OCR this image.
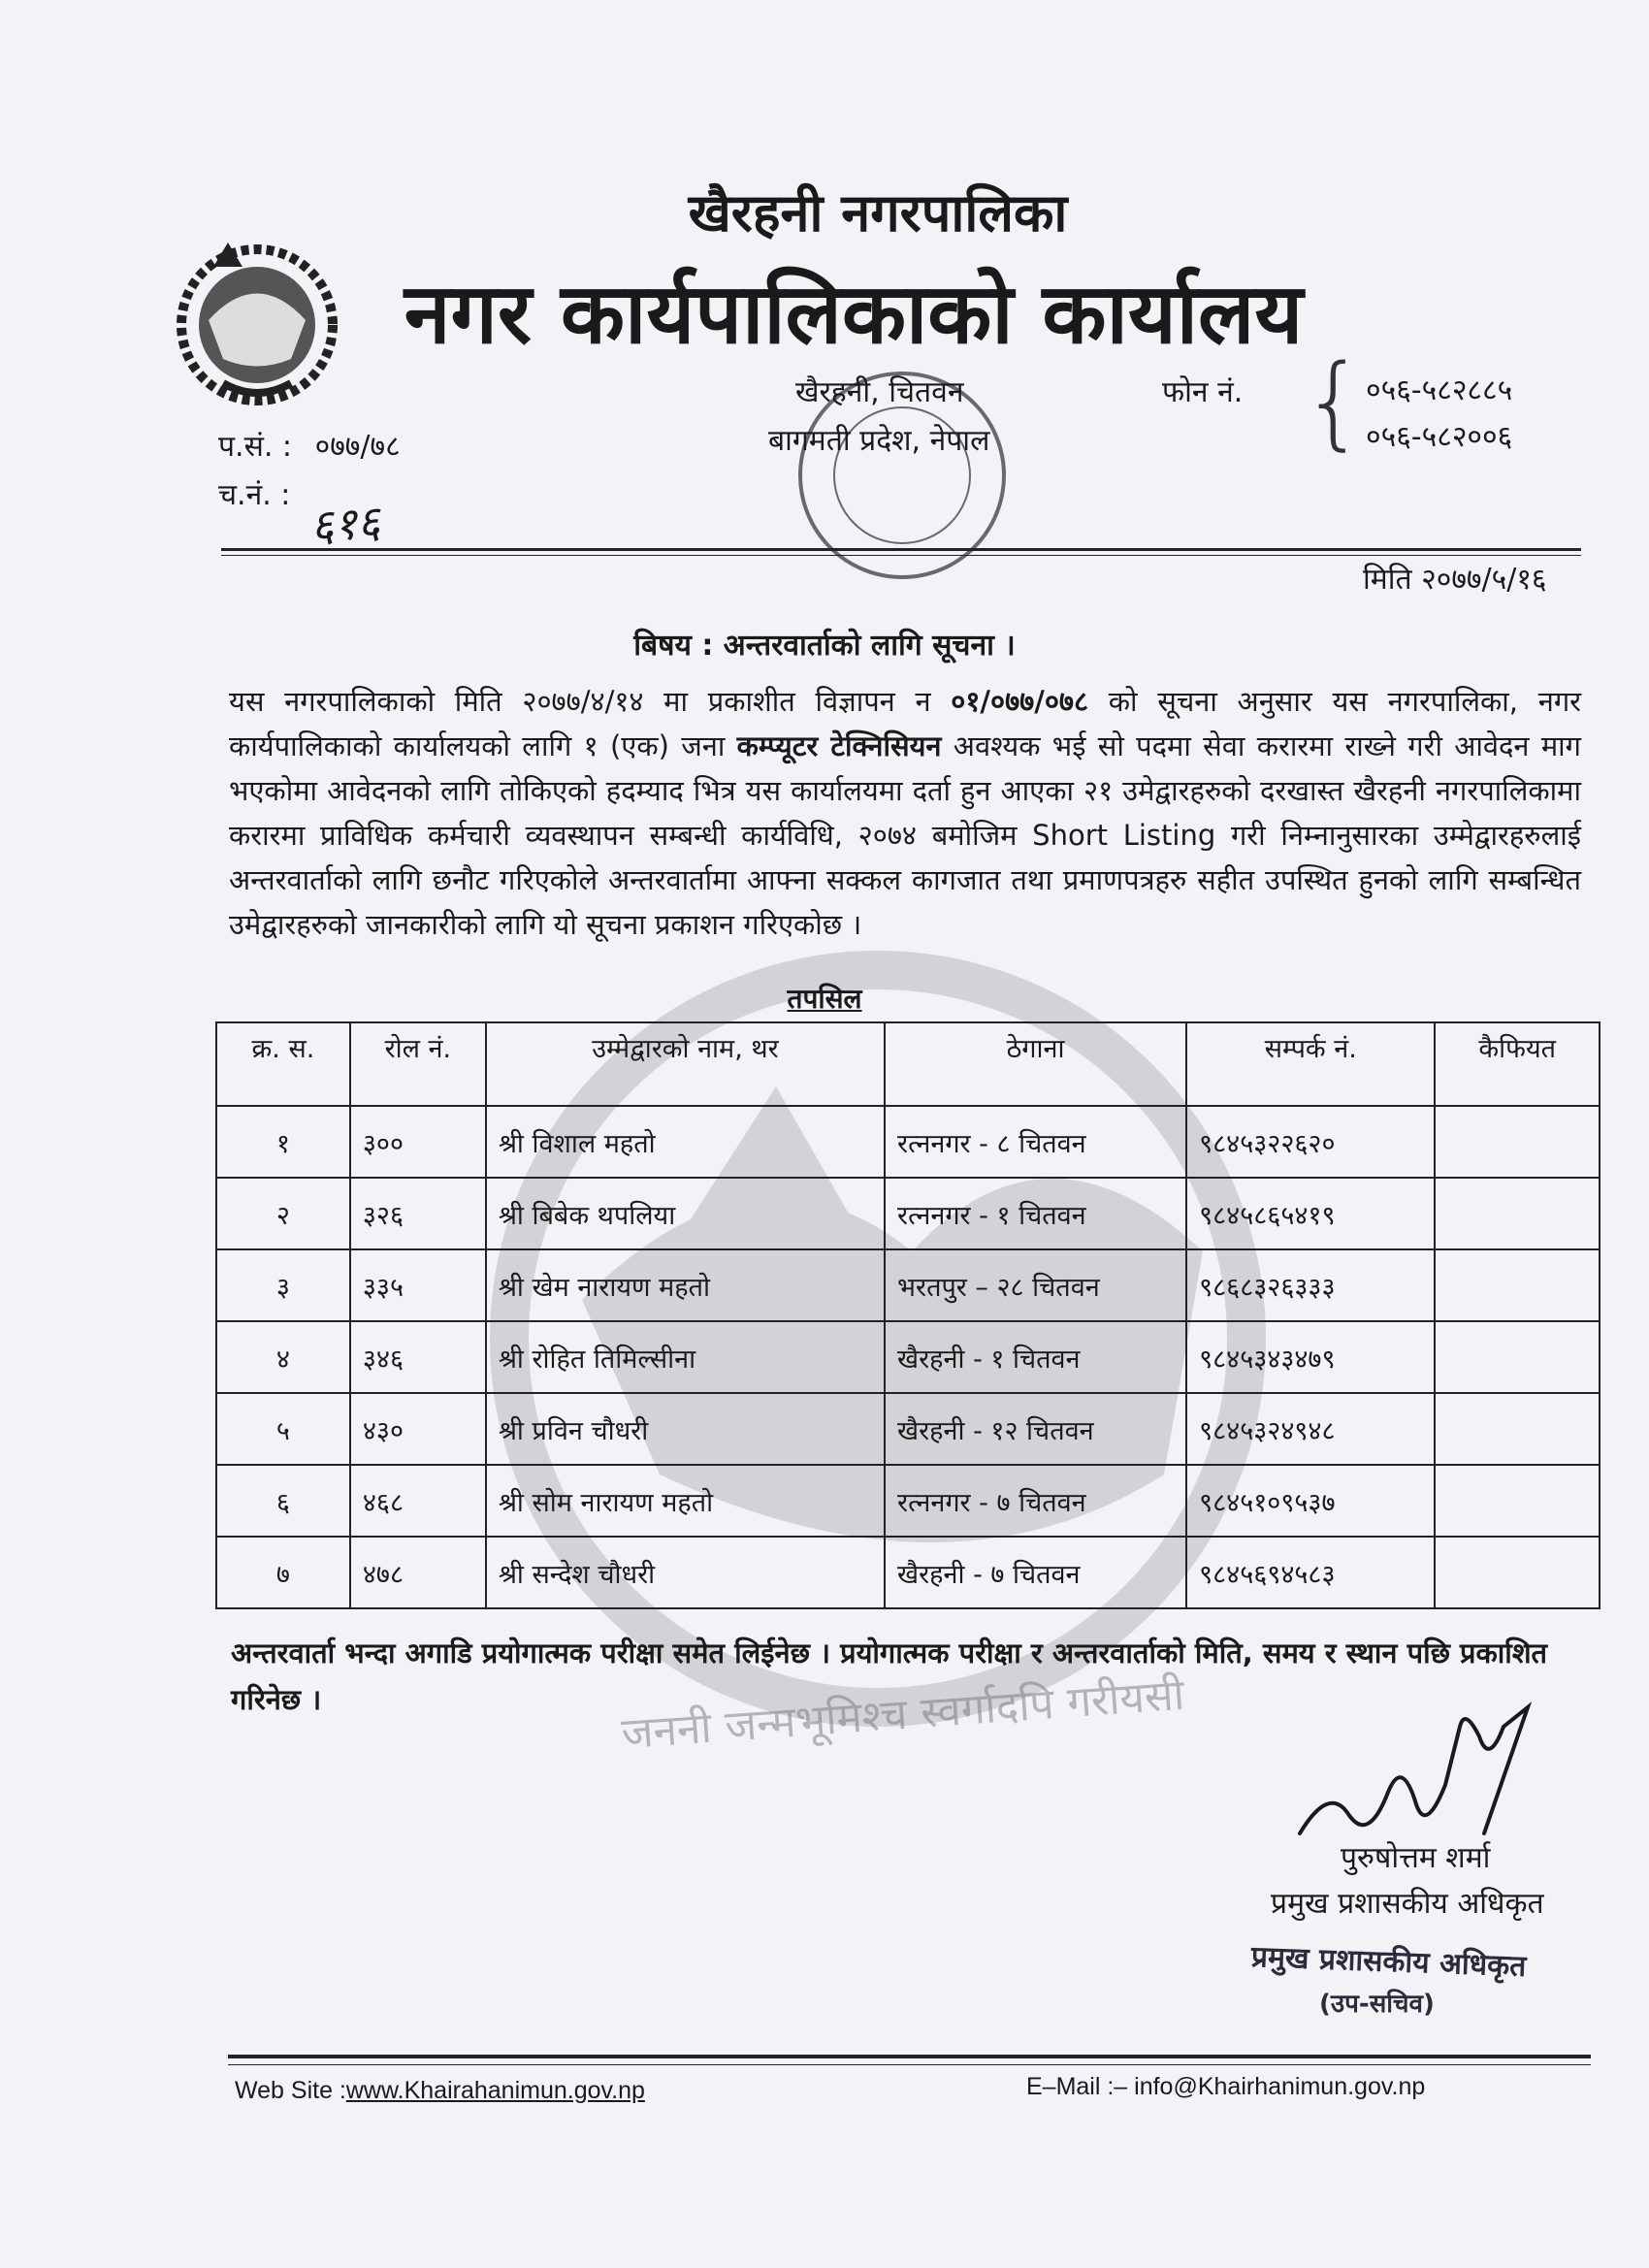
जननी जन्मभूमिश्च स्वर्गादपि गरीयसी
खैरहनी नगरपालिका
नगर कार्यपालिकाको कार्यालय
खैरहनी, चितवन
बागमती प्रदेश, नेपाल
फोन नं. { ०५६-५८२८८५
०५६-५८२००६
प.सं. : ०७७/७८
च.नं. :
६१६
मिति २०७७/५/१६
बिषय : अन्तरवार्ताको लागि सूचना ।
यस नगरपालिकाको मिति २०७७/४/१४ मा प्रकाशीत विज्ञापन न ०१/०७७/०७८ को सूचना अनुसार यस नगरपालिका, नगर कार्यपालिकाको कार्यालयको लागि १ (एक) जना कम्प्यूटर टेक्निसियन अवश्यक भई सो पदमा सेवा करारमा राख्ने गरी आवेदन माग भएकोमा आवेदनको लागि तोकिएको हदम्याद भित्र यस कार्यालयमा दर्ता हुन आएका २१ उमेद्वारहरुको दरखास्त खैरहनी नगरपालिकामा करारमा प्राविधिक कर्मचारी व्यवस्थापन सम्बन्धी कार्यविधि, २०७४ बमोजिम Short Listing गरी निम्नानुसारका उम्मेद्वारहरुलाई अन्तरवार्ताको लागि छनौट गरिएकोले अन्तरवार्तामा आफ्ना सक्कल कागजात तथा प्रमाणपत्रहरु सहीत उपस्थित हुनको लागि सम्बन्धित उमेद्वारहरुको जानकारीको लागि यो सूचना प्रकाशन गरिएकोछ ।
तपसिल
क्र. स.	रोल नं.	उम्मेद्वारको नाम, थर	ठेगाना	सम्पर्क नं.	कैफियत
१	३००	श्री विशाल महतो	रत्ननगर - ८ चितवन	९८४५३२२६२०	
२	३२६	श्री बिबेक थपलिया	रत्ननगर - १ चितवन	९८४५८६५४१९	
३	३३५	श्री खेम नारायण महतो	भरतपुर – २८ चितवन	९८६८३२६३३३	
४	३४६	श्री रोहित तिमिल्सीना	खैरहनी - १ चितवन	९८४५३४३४७९	
५	४३०	श्री प्रविन चौधरी	खैरहनी - १२ चितवन	९८४५३२४९४८	
६	४६८	श्री सोम नारायण महतो	रत्ननगर - ७ चितवन	९८४५१०९५३७	
७	४७८	श्री सन्देश चौधरी	खैरहनी - ७ चितवन	९८४५६९४५८३	
अन्तरवार्ता भन्दा अगाडि प्रयोगात्मक परीक्षा समेत लिईनेछ । प्रयोगात्मक परीक्षा र अन्तरवार्ताको मिति, समय र स्थान पछि प्रकाशित गरिनेछ ।
पुरुषोत्तम शर्मा
प्रमुख प्रशासकीय अधिकृत
प्रमुख प्रशासकीय अधिकृत
(उप-सचिव)
Web Site :www.Khairahanimun.gov.np	E–Mail :– info@Khairhanimun.gov.np
